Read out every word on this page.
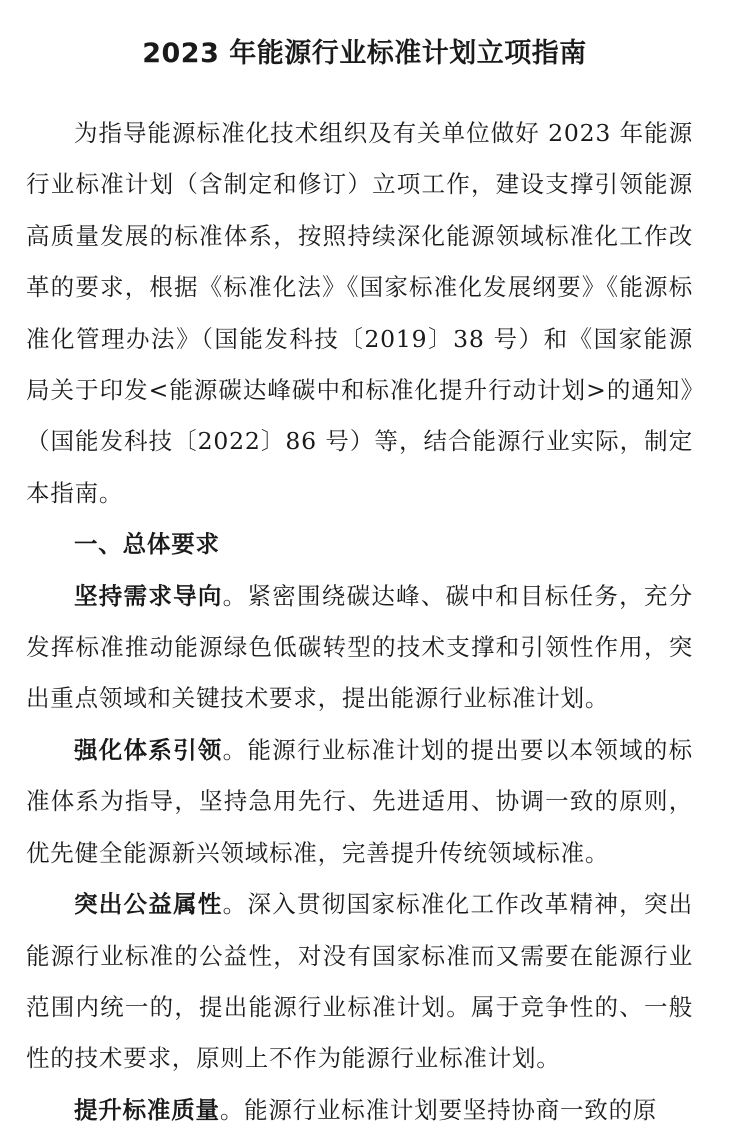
2023 年能源行业标准计划立项指南

为指导能源标准化技术组织及有关单位做好 2023 年能源行业标准计划（含制定和修订）立项工作，建设支撑引领能源高质量发展的标准体系，按照持续深化能源领域标准化工作改革的要求，根据《标准化法》《国家标准化发展纲要》《能源标准化管理办法》（国能发科技〔2019〕38 号）和《国家能源局关于印发<能源碳达峰碳中和标准化提升行动计划>的通知》（国能发科技〔2022〕86 号）等，结合能源行业实际，制定本指南。

一、总体要求

坚持需求导向。紧密围绕碳达峰、碳中和目标任务，充分发挥标准推动能源绿色低碳转型的技术支撑和引领性作用，突出重点领域和关键技术要求，提出能源行业标准计划。

强化体系引领。能源行业标准计划的提出要以本领域的标准体系为指导，坚持急用先行、先进适用、协调一致的原则，优先健全能源新兴领域标准，完善提升传统领域标准。

突出公益属性。深入贯彻国家标准化工作改革精神，突出能源行业标准的公益性，对没有国家标准而又需要在能源行业范围内统一的，提出能源行业标准计划。属于竞争性的、一般性的技术要求，原则上不作为能源行业标准计划。

提升标准质量。能源行业标准计划要坚持协商一致的原
